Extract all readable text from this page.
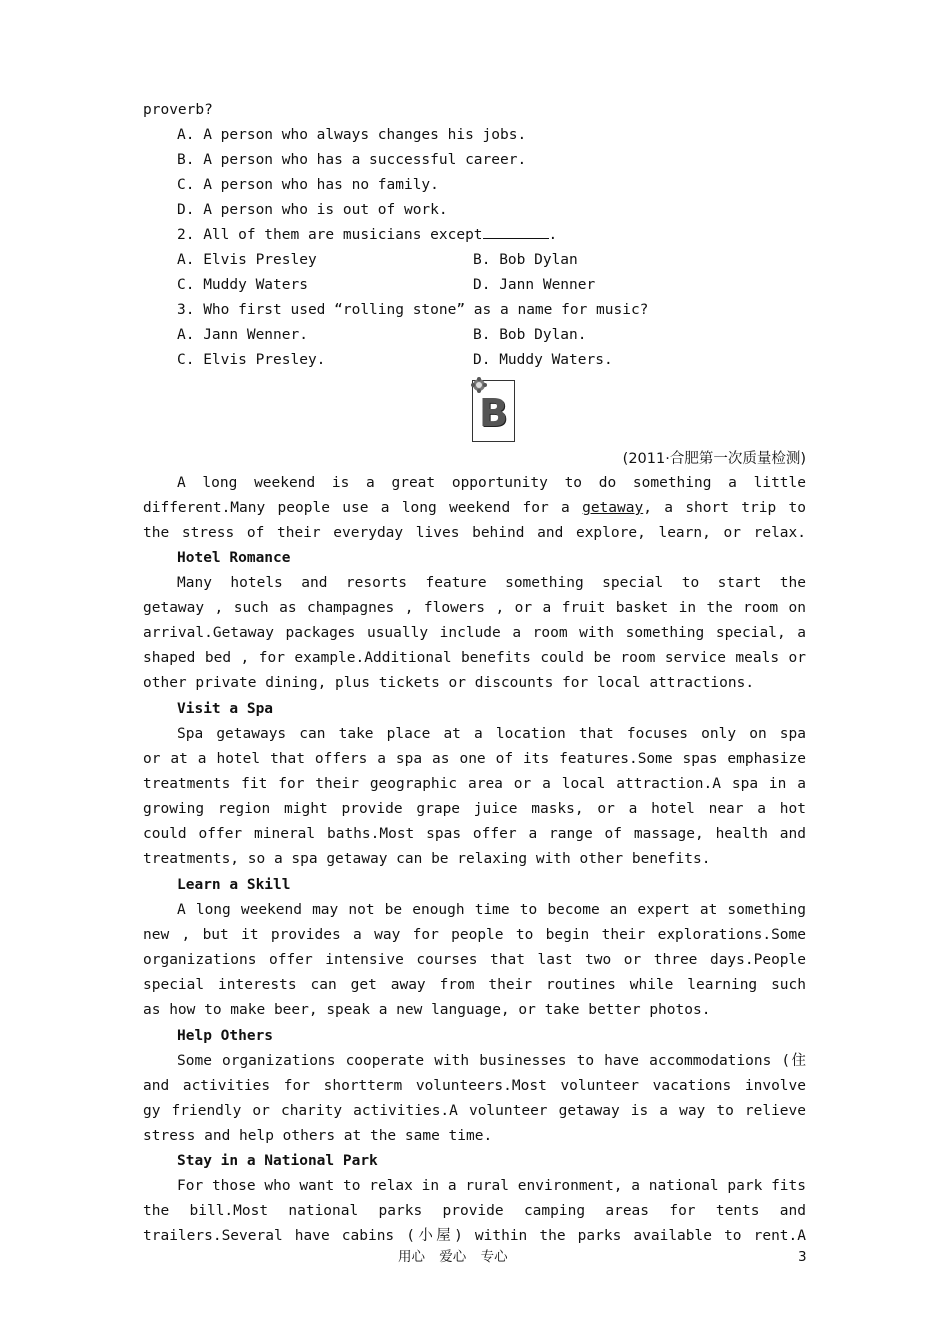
proverb?
A. A person who always changes his jobs.
B. A person who has a successful career.
C. A person who has no family.
D. A person who is out of work.
2. All of them are musicians except	.
A. Elvis Presley	B. Bob Dylan
C. Muddy Waters	D. Jann Wenner
3. Who first used “rolling stone” as a name for music?
A. Jann Wenner.	B. Bob Dylan.
C. Elvis Presley.	D. Muddy Waters.
B
(2011·合肥第一次质量检测)
A long weekend is a great opportunity to do something a little
different.Many people use a long weekend for a getaway, a short trip to
the stress of their everyday lives behind and explore, learn, or relax.
Hotel Romance
Many hotels and resorts feature something special to start the
getaway , such as champagnes , flowers , or a fruit basket in the room on
arrival.Getaway packages usually include a room with something special, a
shaped bed , for example.Additional benefits could be room service meals or
other private dining, plus tickets or discounts for local attractions.
Visit a Spa
Spa getaways can take place at a location that focuses only on spa
or at a hotel that offers a spa as one of its features.Some spas emphasize
treatments fit for their geographic area or a local attraction.A spa in a
growing region might provide grape juice masks, or a hotel near a hot
could offer mineral baths.Most spas offer a range of massage, health and
treatments, so a spa getaway can be relaxing with other benefits.
Learn a Skill
A long weekend may not be enough time to become an expert at something
new , but it provides a way for people to begin their explorations.Some
organizations offer intensive courses that last two or three days.People
special interests can get away from their routines while learning such
as how to make beer, speak a new language, or take better photos.
Help Others
Some organizations cooperate with businesses to have accommodations (住
and activities for shortterm volunteers.Most volunteer vacations involve
gy friendly or charity activities.A volunteer getaway is a way to relieve
stress and help others at the same time.
Stay in a National Park
For those who want to relax in a rural environment, a national park fits
the bill.Most national parks provide camping areas for tents and
trailers.Several have cabins (小屋) within the parks available to rent.A
用心 爱心 专心	3
